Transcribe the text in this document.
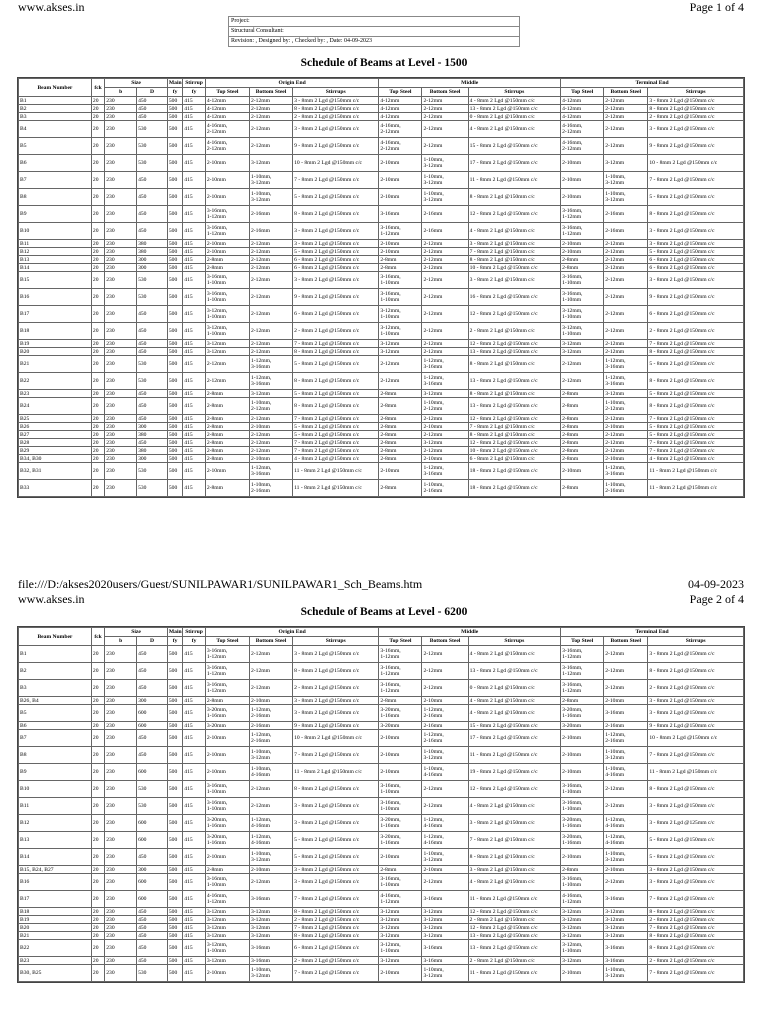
www.akses.in	Page 1 of 4
Project:
Structural Consultant:
Revision: , Designed by: , Checked by: , Date: 04-09-2023
Schedule of Beams at Level - 1500
Beam Number	fck	Size		Main	Stirrup	Origin End			Middle			Terminal End		
		b	D	fy	fy	Top Steel	Bottom Steel	Stirrups	Top Steel	Bottom Steel	Stirrups	Top Steel	Bottom Steel	Stirrups
B1	20	230	450	500	415	4-12mm	2-12mm	3 - 8mm 2 Lgd @150mm c/c	4-12mm	2-12mm	4 - 8mm 2 Lgd @150mm c/c	4-12mm	2-12mm	3 - 8mm 2 Lgd @150mm c/c
B2	20	230	450	500	415	4-12mm	2-12mm	8 - 8mm 2 Lgd @150mm c/c	4-12mm	2-12mm	13 - 8mm 2 Lgd @150mm c/c	4-12mm	2-12mm	8 - 8mm 2 Lgd @150mm c/c
B3	20	230	450	500	415	4-12mm	2-12mm	2 - 8mm 2 Lgd @150mm c/c	4-12mm	2-12mm	0 - 8mm 2 Lgd @150mm c/c	4-12mm	2-12mm	2 - 8mm 2 Lgd @150mm c/c
B4	20	230	530	500	415	4-16mm,
2-12mm	2-12mm	3 - 8mm 2 Lgd @150mm c/c	4-16mm,
2-12mm	2-12mm	4 - 8mm 2 Lgd @150mm c/c	4-16mm,
2-12mm	2-12mm	3 - 8mm 2 Lgd @150mm c/c
B5	20	230	530	500	415	4-16mm,
2-12mm	2-12mm	9 - 8mm 2 Lgd @150mm c/c	4-16mm,
2-12mm	2-12mm	15 - 8mm 2 Lgd @150mm c/c	4-16mm,
2-12mm	2-12mm	9 - 8mm 2 Lgd @150mm c/c
B6	20	230	530	500	415	2-10mm	3-12mm	10 - 8mm 2 Lgd @150mm c/c	2-10mm	1-10mm,
3-12mm	17 - 8mm 2 Lgd @150mm c/c	2-10mm	3-12mm	10 - 8mm 2 Lgd @150mm c/c
B7	20	230	450	500	415	2-10mm	1-10mm,
3-12mm	7 - 8mm 2 Lgd @150mm c/c	2-10mm	1-10mm,
3-12mm	11 - 8mm 2 Lgd @150mm c/c	2-10mm	1-10mm,
3-12mm	7 - 8mm 2 Lgd @150mm c/c
B8	20	230	450	500	415	2-10mm	1-10mm,
3-12mm	5 - 8mm 2 Lgd @150mm c/c	2-10mm	1-10mm,
3-12mm	8 - 8mm 2 Lgd @150mm c/c	2-10mm	1-10mm,
3-12mm	5 - 8mm 2 Lgd @150mm c/c
B9	20	230	450	500	415	3-16mm,
1-12mm	2-16mm	8 - 8mm 2 Lgd @150mm c/c	3-16mm	2-16mm	12 - 8mm 2 Lgd @150mm c/c	3-16mm,
1-12mm	2-16mm	8 - 8mm 2 Lgd @150mm c/c
B10	20	230	450	500	415	3-16mm,
1-12mm	2-16mm	3 - 8mm 2 Lgd @150mm c/c	3-16mm,
1-12mm	2-16mm	4 - 8mm 2 Lgd @150mm c/c	3-16mm,
1-12mm	2-16mm	3 - 8mm 2 Lgd @150mm c/c
B11	20	230	380	500	415	2-10mm	2-12mm	3 - 8mm 2 Lgd @150mm c/c	2-10mm	2-12mm	3 - 8mm 2 Lgd @150mm c/c	2-10mm	2-12mm	3 - 8mm 2 Lgd @150mm c/c
B12	20	230	380	500	415	2-10mm	2-12mm	5 - 8mm 2 Lgd @150mm c/c	2-10mm	2-12mm	7 - 8mm 2 Lgd @150mm c/c	2-10mm	2-12mm	5 - 8mm 2 Lgd @150mm c/c
B13	20	230	300	500	415	2-8mm	2-12mm	6 - 8mm 2 Lgd @150mm c/c	2-8mm	2-12mm	8 - 8mm 2 Lgd @150mm c/c	2-8mm	2-12mm	6 - 8mm 2 Lgd @150mm c/c
B14	20	230	300	500	415	2-8mm	2-12mm	6 - 8mm 2 Lgd @150mm c/c	2-8mm	2-12mm	10 - 8mm 2 Lgd @150mm c/c	2-8mm	2-12mm	6 - 8mm 2 Lgd @150mm c/c
B15	20	230	530	500	415	3-16mm,
1-10mm	2-12mm	3 - 8mm 2 Lgd @150mm c/c	3-16mm,
1-10mm	2-12mm	3 - 8mm 2 Lgd @150mm c/c	3-16mm,
1-10mm	2-12mm	3 - 8mm 2 Lgd @150mm c/c
B16	20	230	530	500	415	3-16mm,
1-10mm	2-12mm	9 - 8mm 2 Lgd @150mm c/c	3-16mm,
1-10mm	2-12mm	16 - 8mm 2 Lgd @150mm c/c	3-16mm,
1-10mm	2-12mm	9 - 8mm 2 Lgd @150mm c/c
B17	20	230	450	500	415	3-12mm,
1-10mm	2-12mm	6 - 8mm 2 Lgd @150mm c/c	3-12mm,
1-10mm	2-12mm	12 - 8mm 2 Lgd @150mm c/c	3-12mm,
1-10mm	2-12mm	6 - 8mm 2 Lgd @150mm c/c
B18	20	230	450	500	415	3-12mm,
1-10mm	2-12mm	2 - 8mm 2 Lgd @150mm c/c	3-12mm,
1-10mm	2-12mm	2 - 8mm 2 Lgd @150mm c/c	3-12mm,
1-10mm	2-12mm	2 - 8mm 2 Lgd @150mm c/c
B19	20	230	450	500	415	3-12mm	2-12mm	7 - 8mm 2 Lgd @150mm c/c	3-12mm	2-12mm	12 - 8mm 2 Lgd @150mm c/c	3-12mm	2-12mm	7 - 8mm 2 Lgd @150mm c/c
B20	20	230	450	500	415	3-12mm	2-12mm	8 - 8mm 2 Lgd @150mm c/c	3-12mm	2-12mm	13 - 8mm 2 Lgd @150mm c/c	3-12mm	2-12mm	8 - 8mm 2 Lgd @150mm c/c
B21	20	230	530	500	415	2-12mm	1-12mm,
3-16mm	5 - 8mm 2 Lgd @150mm c/c	2-12mm	1-12mm,
3-16mm	8 - 8mm 2 Lgd @150mm c/c	2-12mm	1-12mm,
3-16mm	5 - 8mm 2 Lgd @150mm c/c
B22	20	230	530	500	415	2-12mm	1-12mm,
3-16mm	8 - 8mm 2 Lgd @150mm c/c	2-12mm	1-12mm,
3-16mm	13 - 8mm 2 Lgd @150mm c/c	2-12mm	1-12mm,
3-16mm	8 - 8mm 2 Lgd @150mm c/c
B23	20	230	450	500	415	2-8mm	3-12mm	5 - 8mm 2 Lgd @150mm c/c	2-8mm	3-12mm	8 - 8mm 2 Lgd @150mm c/c	2-8mm	3-12mm	5 - 8mm 2 Lgd @150mm c/c
B24	20	230	450	500	415	2-8mm	1-10mm,
2-12mm	8 - 8mm 2 Lgd @150mm c/c	2-8mm	1-10mm,
2-12mm	13 - 8mm 2 Lgd @150mm c/c	2-8mm	1-10mm,
2-12mm	8 - 8mm 2 Lgd @150mm c/c
B25	20	230	450	500	415	2-8mm	2-12mm	7 - 8mm 2 Lgd @150mm c/c	2-8mm	2-12mm	12 - 8mm 2 Lgd @150mm c/c	2-8mm	2-12mm	7 - 8mm 2 Lgd @150mm c/c
B26	20	230	300	500	415	2-8mm	2-10mm	5 - 8mm 2 Lgd @150mm c/c	2-8mm	2-10mm	7 - 8mm 2 Lgd @150mm c/c	2-8mm	2-10mm	5 - 8mm 2 Lgd @150mm c/c
B27	20	230	380	500	415	2-8mm	2-12mm	5 - 8mm 2 Lgd @150mm c/c	2-8mm	2-12mm	8 - 8mm 2 Lgd @150mm c/c	2-8mm	2-12mm	5 - 8mm 2 Lgd @150mm c/c
B28	20	230	450	500	415	2-8mm	2-12mm	7 - 8mm 2 Lgd @150mm c/c	2-8mm	3-12mm	12 - 8mm 2 Lgd @150mm c/c	2-8mm	2-12mm	7 - 8mm 2 Lgd @150mm c/c
B29	20	230	380	500	415	2-8mm	2-12mm	7 - 8mm 2 Lgd @150mm c/c	2-8mm	2-12mm	10 - 8mm 2 Lgd @150mm c/c	2-8mm	2-12mm	7 - 8mm 2 Lgd @150mm c/c
B34, B30	20	230	300	500	415	2-8mm	2-10mm	4 - 8mm 2 Lgd @150mm c/c	2-8mm	2-10mm	6 - 8mm 2 Lgd @150mm c/c	2-8mm	2-10mm	4 - 8mm 2 Lgd @150mm c/c
B32, B31	20	230	530	500	415	2-10mm	1-12mm,
3-16mm	11 - 8mm 2 Lgd @150mm c/c	2-10mm	1-12mm,
3-16mm	18 - 8mm 2 Lgd @150mm c/c	2-10mm	1-12mm,
3-16mm	11 - 8mm 2 Lgd @150mm c/c
B33	20	230	530	500	415	2-8mm	1-10mm,
2-16mm	11 - 8mm 2 Lgd @150mm c/c	2-8mm	1-10mm,
2-16mm	18 - 8mm 2 Lgd @150mm c/c	2-8mm	1-10mm,
2-16mm	11 - 8mm 2 Lgd @150mm c/c
file:///D:/akses2020users/Guest/SUNILPAWAR1/SUNILPAWAR1_Sch_Beams.htm	04-09-2023
www.akses.in	Page 2 of 4
Schedule of Beams at Level - 6200
Beam Number	fck	Size		Main	Stirrup	Origin End			Middle			Terminal End		
		b	D	fy	fy	Top Steel	Bottom Steel	Stirrups	Top Steel	Bottom Steel	Stirrups	Top Steel	Bottom Steel	Stirrups
B1	20	230	450	500	415	3-16mm,
1-12mm	2-12mm	3 - 8mm 2 Lgd @150mm c/c	3-16mm,
1-12mm	2-12mm	4 - 8mm 2 Lgd @150mm c/c	3-16mm,
1-12mm	2-12mm	3 - 8mm 2 Lgd @150mm c/c
B2	20	230	450	500	415	3-16mm,
1-12mm	2-12mm	8 - 8mm 2 Lgd @150mm c/c	3-16mm,
1-12mm	2-12mm	13 - 8mm 2 Lgd @150mm c/c	3-16mm,
1-12mm	2-12mm	8 - 8mm 2 Lgd @150mm c/c
B3	20	230	450	500	415	3-16mm,
1-12mm	2-12mm	2 - 8mm 2 Lgd @150mm c/c	3-16mm,
1-12mm	2-12mm	0 - 8mm 2 Lgd @150mm c/c	3-16mm,
1-12mm	2-12mm	2 - 8mm 2 Lgd @150mm c/c
B26, B4	20	230	300	500	415	2-8mm	2-10mm	3 - 8mm 2 Lgd @150mm c/c	2-8mm	2-10mm	4 - 8mm 2 Lgd @150mm c/c	2-8mm	2-10mm	3 - 8mm 2 Lgd @150mm c/c
B5	20	230	600	500	415	3-20mm,
1-16mm	1-12mm,
2-16mm	3 - 8mm 2 Lgd @150mm c/c	3-20mm,
1-16mm	1-12mm,
2-16mm	4 - 8mm 2 Lgd @150mm c/c	3-20mm,
1-16mm	3-16mm	3 - 8mm 2 Lgd @150mm c/c
B6	20	230	600	500	415	3-20mm	2-16mm	9 - 8mm 2 Lgd @150mm c/c	3-20mm	2-16mm	15 - 8mm 2 Lgd @150mm c/c	3-20mm	2-16mm	9 - 8mm 2 Lgd @150mm c/c
B7	20	230	450	500	415	2-10mm	1-12mm,
2-16mm	10 - 8mm 2 Lgd @150mm c/c	2-10mm	1-12mm,
2-16mm	17 - 8mm 2 Lgd @150mm c/c	2-10mm	1-12mm,
2-16mm	10 - 8mm 2 Lgd @150mm c/c
B8	20	230	450	500	415	2-10mm	1-10mm,
3-12mm	7 - 8mm 2 Lgd @150mm c/c	2-10mm	1-10mm,
3-12mm	11 - 8mm 2 Lgd @150mm c/c	2-10mm	1-10mm,
3-12mm	7 - 8mm 2 Lgd @150mm c/c
B9	20	230	600	500	415	2-10mm	1-10mm,
4-16mm	11 - 8mm 2 Lgd @150mm c/c	2-10mm	1-10mm,
4-16mm	19 - 8mm 2 Lgd @150mm c/c	2-10mm	1-10mm,
4-16mm	11 - 8mm 2 Lgd @150mm c/c
B10	20	230	530	500	415	3-16mm,
1-10mm	2-12mm	8 - 8mm 2 Lgd @150mm c/c	3-16mm,
1-10mm	2-12mm	12 - 8mm 2 Lgd @150mm c/c	3-16mm,
1-10mm	2-12mm	8 - 8mm 2 Lgd @150mm c/c
B11	20	230	530	500	415	3-16mm,
1-10mm	2-12mm	3 - 8mm 2 Lgd @150mm c/c	3-16mm,
1-10mm	2-12mm	4 - 8mm 2 Lgd @150mm c/c	3-16mm,
1-10mm	2-12mm	3 - 8mm 2 Lgd @150mm c/c
B12	20	230	600	500	415	3-20mm,
1-16mm	1-12mm,
4-16mm	3 - 8mm 2 Lgd @150mm c/c	3-20mm,
1-16mm	1-12mm,
4-16mm	3 - 8mm 2 Lgd @150mm c/c	3-20mm,
1-16mm	1-12mm,
4-16mm	3 - 8mm 2 Lgd @125mm c/c
B13	20	230	600	500	415	3-20mm,
1-16mm	1-12mm,
4-16mm	5 - 8mm 2 Lgd @150mm c/c	3-20mm,
1-16mm	1-12mm,
4-16mm	7 - 8mm 2 Lgd @150mm c/c	3-20mm,
1-16mm	1-12mm,
4-16mm	5 - 8mm 2 Lgd @150mm c/c
B14	20	230	450	500	415	2-10mm	1-10mm,
3-12mm	5 - 8mm 2 Lgd @150mm c/c	2-10mm	1-10mm,
3-12mm	8 - 8mm 2 Lgd @150mm c/c	2-10mm	1-10mm,
3-12mm	5 - 8mm 2 Lgd @150mm c/c
B15, B24, B27	20	230	300	500	415	2-8mm	2-10mm	3 - 8mm 2 Lgd @150mm c/c	2-8mm	2-10mm	3 - 8mm 2 Lgd @150mm c/c	2-8mm	2-10mm	3 - 8mm 2 Lgd @150mm c/c
B16	20	230	600	500	415	3-16mm,
1-10mm	2-12mm	3 - 8mm 2 Lgd @150mm c/c	3-16mm,
1-10mm	2-12mm	4 - 8mm 2 Lgd @150mm c/c	3-16mm,
1-10mm	2-12mm	3 - 8mm 2 Lgd @150mm c/c
B17	20	230	600	500	415	4-16mm,
1-12mm	3-16mm	7 - 8mm 2 Lgd @150mm c/c	4-16mm,
1-12mm	3-16mm	11 - 8mm 2 Lgd @150mm c/c	4-16mm,
1-12mm	3-16mm	7 - 8mm 2 Lgd @150mm c/c
B18	20	230	450	500	415	3-12mm	3-12mm	8 - 8mm 2 Lgd @150mm c/c	3-12mm	3-12mm	12 - 8mm 2 Lgd @150mm c/c	3-12mm	3-12mm	8 - 8mm 2 Lgd @150mm c/c
B19	20	230	450	500	415	3-12mm	3-12mm	2 - 8mm 2 Lgd @150mm c/c	3-12mm	3-12mm	2 - 8mm 2 Lgd @150mm c/c	3-12mm	3-12mm	2 - 8mm 2 Lgd @150mm c/c
B20	20	230	450	500	415	3-12mm	3-12mm	7 - 8mm 2 Lgd @150mm c/c	3-12mm	3-12mm	12 - 8mm 2 Lgd @150mm c/c	3-12mm	3-12mm	7 - 8mm 2 Lgd @150mm c/c
B21	20	230	450	500	415	3-12mm	3-12mm	8 - 8mm 2 Lgd @150mm c/c	3-12mm	3-12mm	13 - 8mm 2 Lgd @150mm c/c	3-12mm	3-12mm	8 - 8mm 2 Lgd @150mm c/c
B22	20	230	450	500	415	3-12mm,
1-10mm	3-16mm	6 - 8mm 2 Lgd @150mm c/c	3-12mm,
1-10mm	3-16mm	13 - 8mm 2 Lgd @150mm c/c	3-12mm,
1-10mm	3-16mm	8 - 8mm 2 Lgd @150mm c/c
B23	20	230	450	500	415	3-12mm	3-16mm	2 - 8mm 2 Lgd @150mm c/c	3-12mm	3-16mm	2 - 8mm 2 Lgd @150mm c/c	3-12mm	3-16mm	2 - 8mm 2 Lgd @150mm c/c
B30, B25	20	230	530	500	415	2-10mm	1-10mm,
3-12mm	7 - 8mm 2 Lgd @150mm c/c	2-10mm	1-10mm,
3-12mm	11 - 8mm 2 Lgd @150mm c/c	2-10mm	1-10mm,
3-12mm	7 - 8mm 2 Lgd @150mm c/c
